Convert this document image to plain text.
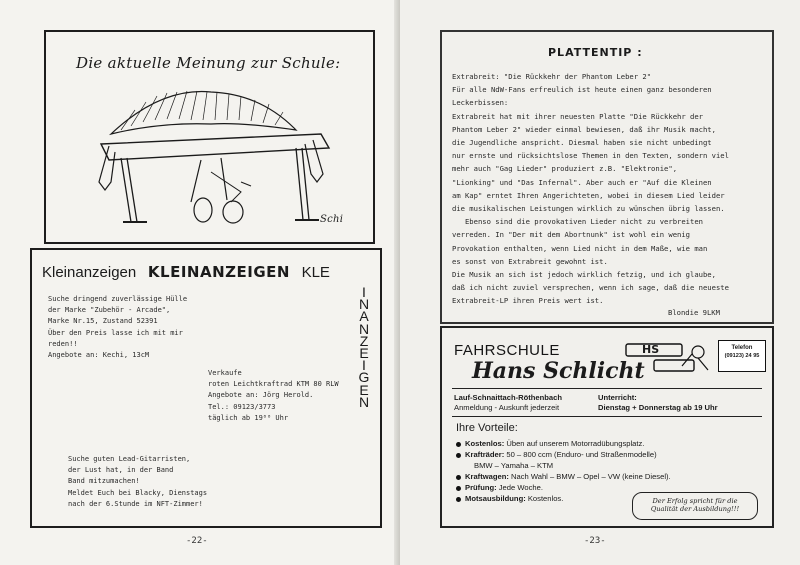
Die aktuelle Meinung zur Schule:
Schi
Kleinanzeigen KLEINANZEIGEN KLE
I
N
A
N
Z
E
I
G
E
N
Suche dringend zuverlässige Hülle
der Marke "Zubehör - Arcade",
Marke Nr.15, Zustand 52391
Über den Preis lasse ich mit mir
reden!!
Angebote an: Kechi, 13cM
Verkaufe
roten Leichtkraftrad KTM 80 RLW
Angebote an: Jörg Herold.
Tel.: 09123/3773
täglich ab 19⁰⁰ Uhr
Suche guten Lead-Gitarristen,
der Lust hat, in der Band
Band mitzumachen!
Meldet Euch bei Blacky, Dienstags
nach der 6.Stunde im NFT-Zimmer!
-22-
PLATTENTIP :
Extrabreit: "Die Rückkehr der Phantom Leber 2"
Für alle NdW-Fans erfreulich ist heute einen ganz besonderen
Leckerbissen:
Extrabreit hat mit ihrer neuesten Platte "Die Rückkehr der
Phantom Leber 2" wieder einmal bewiesen, daß ihr Musik macht,
die Jugendliche anspricht. Diesmal haben sie nicht unbedingt
nur ernste und rücksichtslose Themen in den Texten, sondern viel
mehr auch "Gag Lieder" produziert z.B. "Elektronie",
"Lionking" und "Das Infernal". Aber auch er "Auf die Kleinen
am Kap" erntet Ihren Angerichteten, wobei in diesem Lied leider
die musikalischen Leistungen wirklich zu wünschen übrig lassen.
Ebenso sind die provokativen Lieder nicht zu verbreiten
verreden. In "Der mit dem Abortnunk" ist wohl ein wenig
Provokation enthalten, wenn Lied nicht in dem Maße, wie man
es sonst von Extrabreit gewohnt ist.
Die Musik an sich ist jedoch wirklich fetzig, und ich glaube,
daß ich nicht zuviel versprechen, wenn ich sage, daß die neueste
Extrabreit-LP ihren Preis wert ist.
Blondie 9LKM
FAHRSCHULE
Hans Schlicht
HS	Telefon
(09123) 24 95
Lauf-Schnaittach-Röthenbach	Unterricht:
Anmeldung - Auskunft jederzeit	Dienstag + Donnerstag ab 19 Uhr
Ihre Vorteile:
Kostenlos: Üben auf unserem Motorradübungsplatz.
Krafträder: 50 – 800 ccm (Enduro- und Straßenmodelle)
BMW – Yamaha – KTM
Kraftwagen: Nach Wahl – BMW – Opel – VW (keine Diesel).
Prüfung: Jede Woche.
Motsausbildung: Kostenlos.	Der Erfolg spricht für die
Qualität der Ausbildung!!!
-23-
